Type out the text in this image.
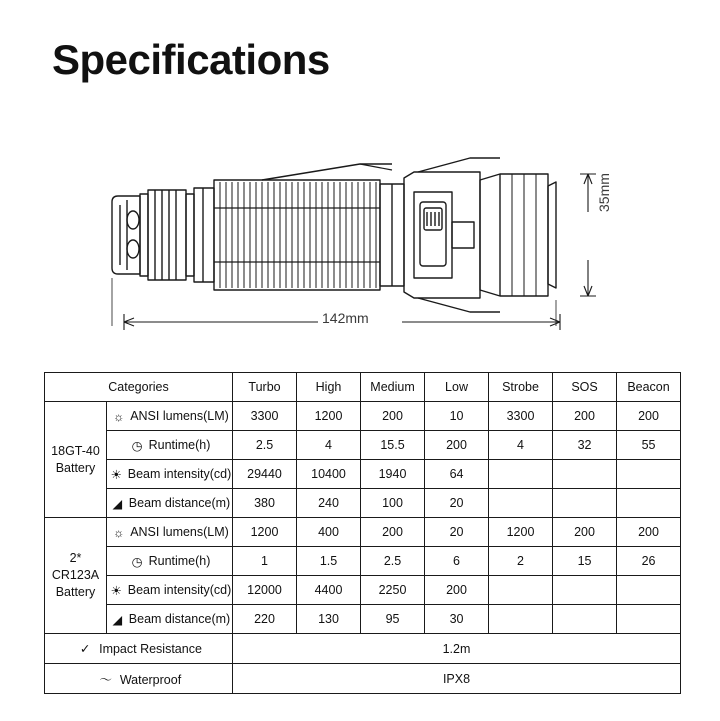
Specifications
142mm
35mm
Categories		Turbo	High	Medium	Low	Strobe	SOS	Beacon
18GT-40
Battery	☼ ANSI lumens(LM)	3300	1200	200	10	3300	200	200
	◷ Runtime(h)	2.5	4	15.5	200	4	32	55
	☀ Beam intensity(cd)	29440	10400	1940	64			
	◢ Beam distance(m)	380	240	100	20			
2*
CR123A
Battery	☼ ANSI lumens(LM)	1200	400	200	20	1200	200	200
	◷ Runtime(h)	1	1.5	2.5	6	2	15	26
	☀ Beam intensity(cd)	12000	4400	2250	200			
	◢ Beam distance(m)	220	130	95	30			
✓ Impact Resistance		1.2m						
〜 Waterproof		IPX8						
